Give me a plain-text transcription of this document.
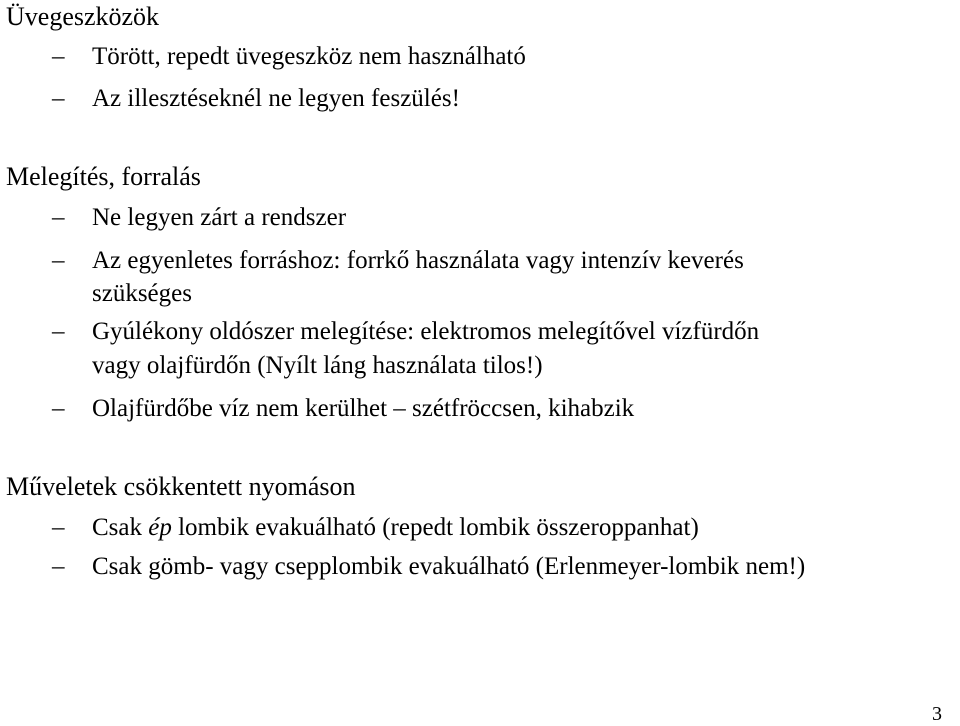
Üvegeszközök
– Törött, repedt üvegeszköz nem használható
– Az illesztéseknél ne legyen feszülés!
Melegítés, forralás
– Ne legyen zárt a rendszer
– Az egyenletes forráshoz: forrkő használata vagy intenzív keverés
szükséges
– Gyúlékony oldószer melegítése: elektromos melegítővel vízfürdőn
vagy olajfürdőn (Nyílt láng használata tilos!)
– Olajfürdőbe víz nem kerülhet – szétfröccsen, kihabzik
Műveletek csökkentett nyomáson
– Csak ép lombik evakuálható (repedt lombik összeroppanhat)
– Csak gömb- vagy csepplombik evakuálható (Erlenmeyer-lombik nem!)
3
